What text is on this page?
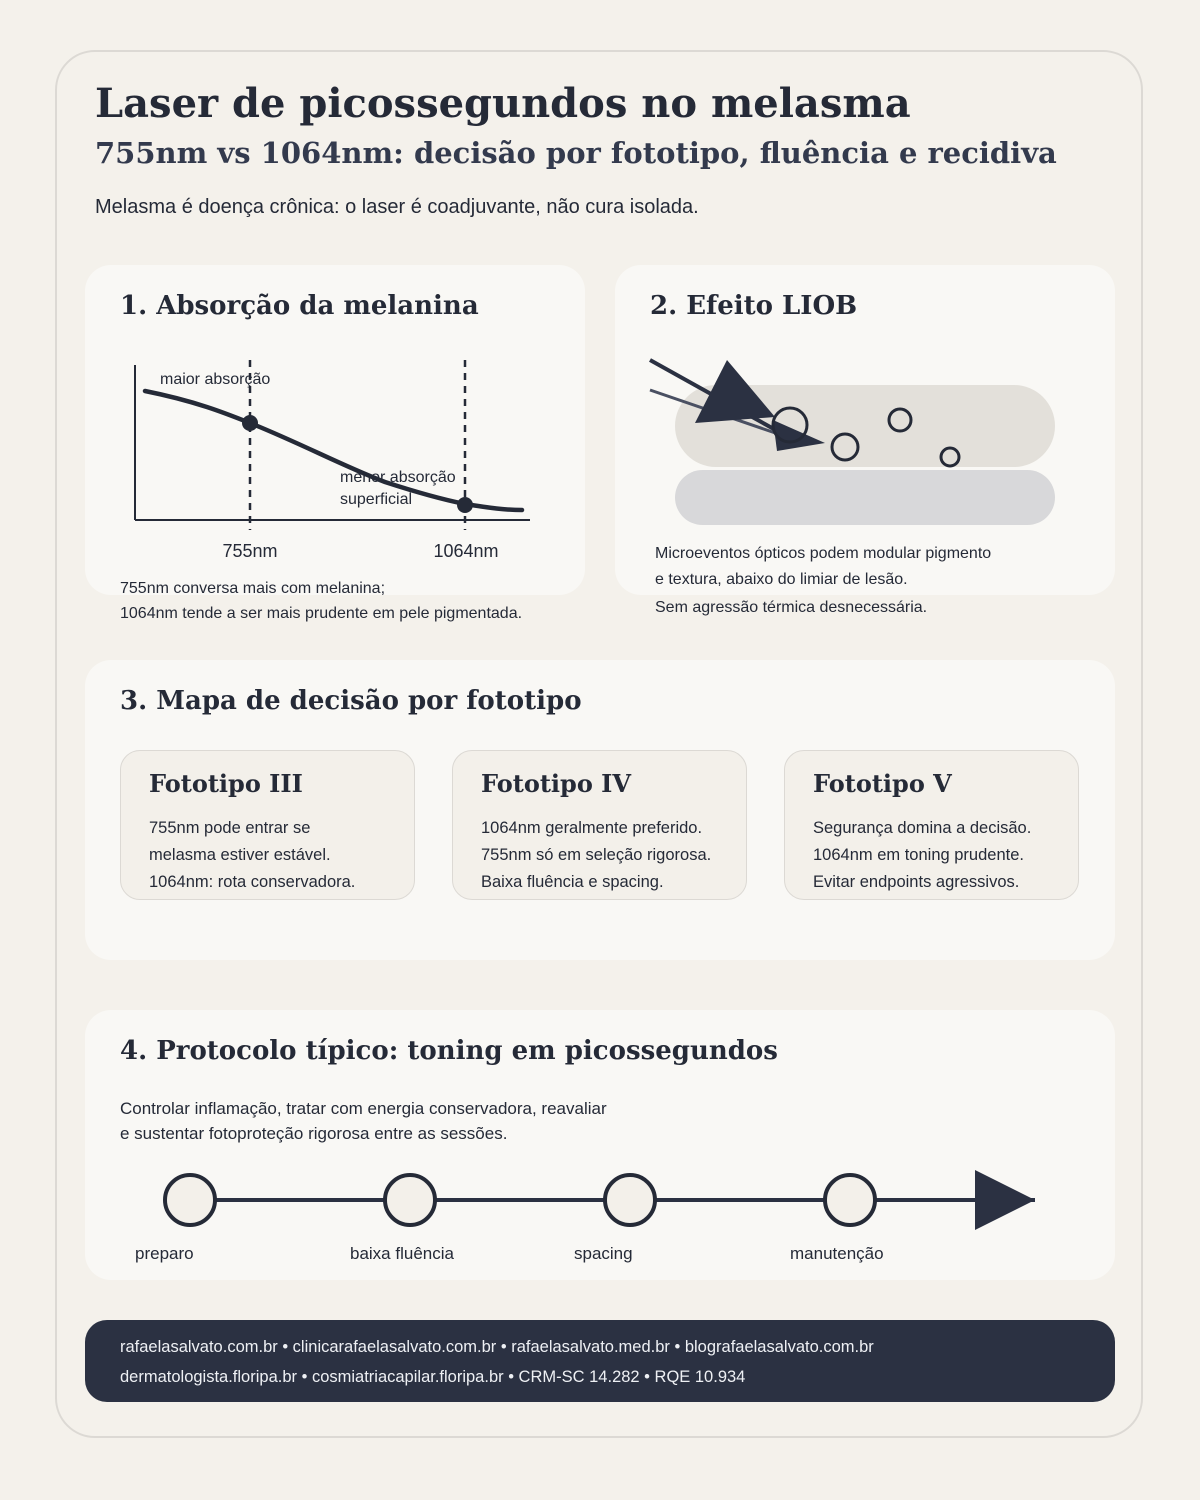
Laser de picossegundos no melasma
755nm vs 1064nm: decisão por fototipo, fluência e recidiva
Melasma é doença crônica: o laser é coadjuvante, não cura isolada.
1. Absorção da melanina
maior absorção
menor absorção
superficial
755nm	1064nm
755nm conversa mais com melanina;
1064nm tende a ser mais prudente em pele pigmentada.
2. Efeito LIOB
Microeventos ópticos podem modular pigmento
e textura, abaixo do limiar de lesão.
Sem agressão térmica desnecessária.
3. Mapa de decisão por fototipo
Fototipo III
755nm pode entrar se
melasma estiver estável.
1064nm: rota conservadora.
Fototipo IV
1064nm geralmente preferido.
755nm só em seleção rigorosa.
Baixa fluência e spacing.
Fototipo V
Segurança domina a decisão.
1064nm em toning prudente.
Evitar endpoints agressivos.
4. Protocolo típico: toning em picossegundos
Controlar inflamação, tratar com energia conservadora, reavaliar
e sustentar fotoproteção rigorosa entre as sessões.
preparo	baixa fluência	spacing	manutenção
rafaelasalvato.com.br • clinicarafaelasalvato.com.br • rafaelasalvato.med.br • blografaelasalvato.com.br
dermatologista.floripa.br • cosmiatriacapilar.floripa.br • CRM-SC 14.282 • RQE 10.934
